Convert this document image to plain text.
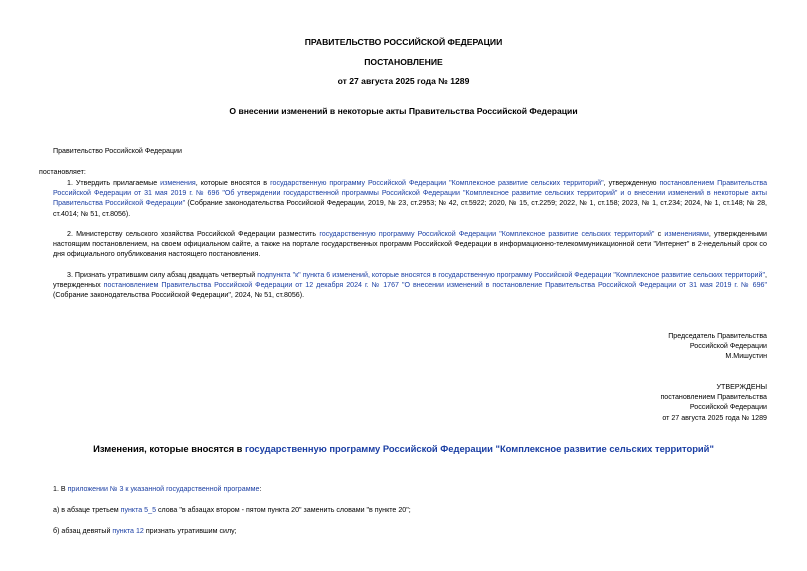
ПРАВИТЕЛЬСТВО РОССИЙСКОЙ ФЕДЕРАЦИИ
ПОСТАНОВЛЕНИЕ
от 27 августа 2025 года № 1289
О внесении изменений в некоторые акты Правительства Российской Федерации
Правительство Российской Федерации
постановляет:
1. Утвердить прилагаемые изменения, которые вносятся в государственную программу Российской Федерации "Комплексное развитие сельских территорий", утвержденную постановлением Правительства Российской Федерации от 31 мая 2019 г. № 696 "Об утверждении государственной программы Российской Федерации "Комплексное развитие сельских территорий" и о внесении изменений в некоторые акты Правительства Российской Федерации" (Собрание законодательства Российской Федерации, 2019, № 23, ст.2953; № 42, ст.5922; 2020, № 15, ст.2259; 2022, № 1, ст.158; 2023, № 1, ст.234; 2024, № 1, ст.148; № 28, ст.4014; № 51, ст.8056).
2. Министерству сельского хозяйства Российской Федерации разместить государственную программу Российской Федерации "Комплексное развитие сельских территорий" с изменениями, утвержденными настоящим постановлением, на своем официальном сайте, а также на портале государственных программ Российской Федерации в информационно-телекоммуникационной сети "Интернет" в 2-недельный срок со дня официального опубликования настоящего постановления.
3. Признать утратившим силу абзац двадцать четвертый подпункта "к" пункта 6 изменений, которые вносятся в государственную программу Российской Федерации "Комплексное развитие сельских территорий", утвержденных постановлением Правительства Российской Федерации от 12 декабря 2024 г. № 1767 "О внесении изменений в постановление Правительства Российской Федерации от 31 мая 2019 г. № 696" (Собрание законодательства Российской Федерации", 2024, № 51, ст.8056).
Председатель Правительства
Российской Федерации
М.Мишустин
УТВЕРЖДЕНЫ
постановлением Правительства
Российской Федерации
от 27 августа 2025 года № 1289
Изменения, которые вносятся в государственную программу Российской Федерации "Комплексное развитие сельских территорий"
1. В приложении № 3 к указанной государственной программе:
а) в абзаце третьем пункта 5_5 слова "в абзацах втором - пятом пункта 20" заменить словами "в пункте 20";
б) абзац девятый пункта 12 признать утратившим силу;
